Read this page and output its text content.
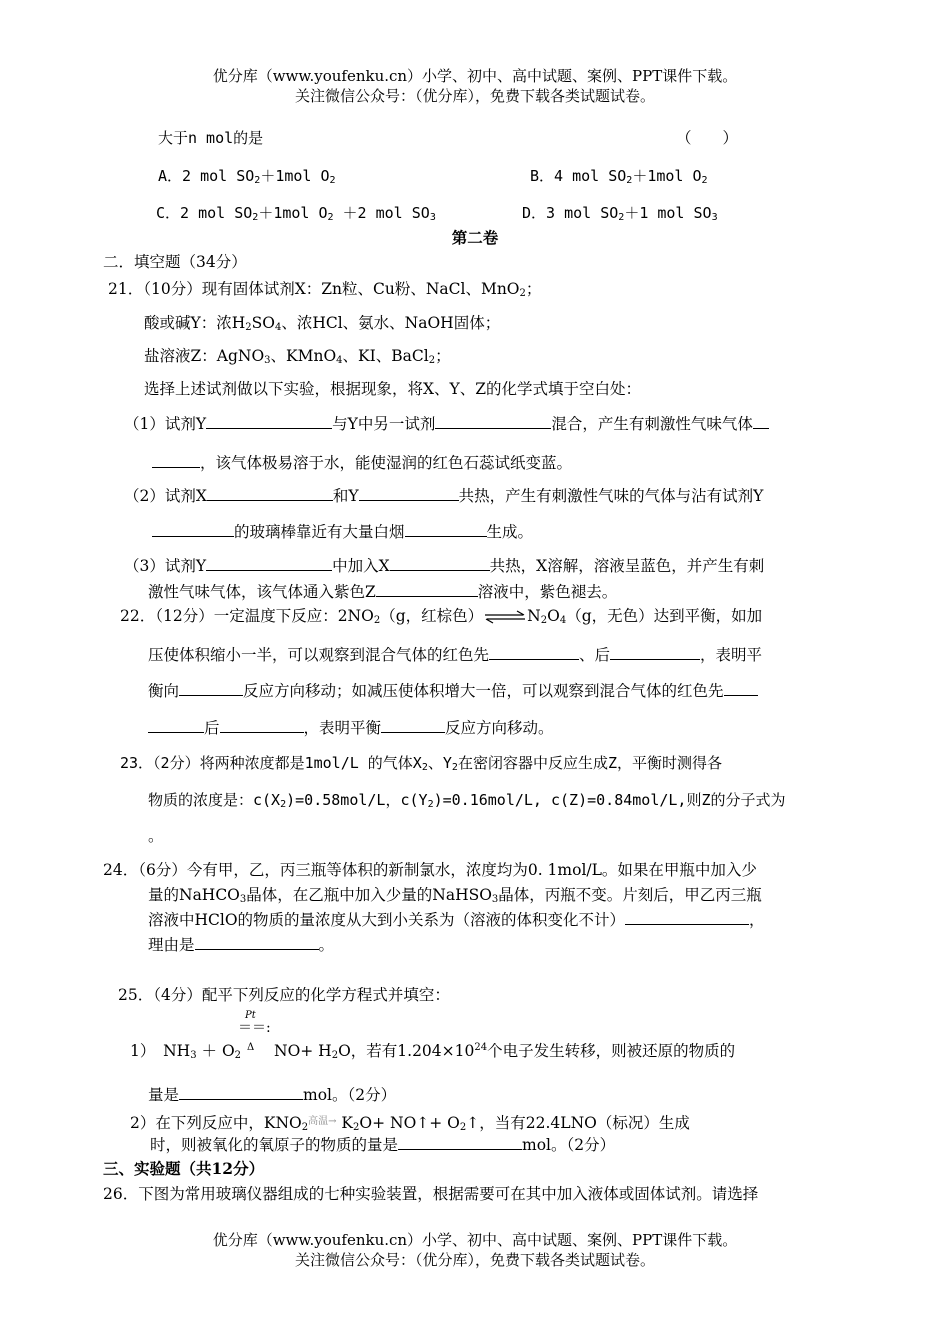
优分库（www.youfenku.cn）小学、初中、高中试题、案例、PPT课件下载。
关注微信公众号：（优分库），免费下载各类试题试卷。
大于n mol的是	（　　）
A．2 mol $SO_2+1mol$ $O_2$	B．4 mol $SO_2+1mol$ $O_2$
C．2 mol $SO_2+1mol$ $O_2 +2$ mol $SO_3$	D．3 mol $SO_2+1$ mol $SO_3$
第二卷
二．填空题（34分）
21．（10分）现有固体试剂X：Zn粒、Cu粉、NaCl、MnO$_2$；
酸或碱Y：浓$H_2SO_4$、浓HCl、氨水、NaOH固体；
盐溶液Z：AgNO$_3$、KMnO$_4$、KI、BaCl$_2$；
选择上述试剂做以下实验，根据现象，将X、Y、Z的化学式填于空白处：
（1）试剂Y	与Y中另一试剂	混合，产生有刺激性气味气体
，该气体极易溶于水，能使湿润的红色石蕊试纸变蓝。
（2）试剂X	和Y	共热，产生有刺激性气味的气体与沾有试剂Y
的玻璃棒靠近有大量白烟	生成。
（3）试剂Y	中加入X	共热，X溶解，溶液呈蓝色，并产生有刺
激性气味气体，该气体通入紫色Z	溶液中，紫色褪去。
22．（12分）一定温度下反应：$2NO_2(g$，红棕色）$\rightleftharpoons N_2O_4(g$，无色）达到平衡，如加
压使体积缩小一半，可以观察到混合气体的红色先	、后	，表明平
衡向	反应方向移动；如减压使体积增大一倍，可以观察到混合气体的红色先
后	，表明平衡	反应方向移动。
23．（2分）将两种浓度都是1mol/L 的气体$X_2$、$Y_2$在密闭容器中反应生成Z，平衡时测得各
物质的浓度是：$c(X_2)=0.58mol/L$，$c(Y_2)=0.16mol/L$, c(Z)=0.84mol/L,则Z的分子式为
。
24．（6分）今有甲，乙，丙三瓶等体积的新制氯水，浓度均为0. 1mol/L。如果在甲瓶中加入少
量的NaHCO$_3$晶体，在乙瓶中加入少量的NaHSO$_3$晶体，丙瓶不变。片刻后，甲乙丙三瓶
溶液中HClO的物质的量浓度从大到小关系为（溶液的体积变化不计）	，
理由是	。
25．（4分）配平下列反应的化学方程式并填空：
Pt
＝＝:
Δ
1）　$NH_3 + O_2$ $NO+ H_2O$，若有$1.204\times 10^{24}$个电子发生转移，则被还原的物质的
量是	mol。（2分）
2）在下列反应中，$KNO_2$高温→ $K_2O+$ NO↑+ $O_2↑$，当有22.4LNO（标况）生成
时，则被氧化的氧原子的物质的量是	mol。（2分）
三、实验题（共12分）
26．下图为常用玻璃仪器组成的七种实验装置，根据需要可在其中加入液体或固体试剂。请选择
优分库（www.youfenku.cn）小学、初中、高中试题、案例、PPT课件下载。
关注微信公众号：（优分库），免费下载各类试题试卷。
